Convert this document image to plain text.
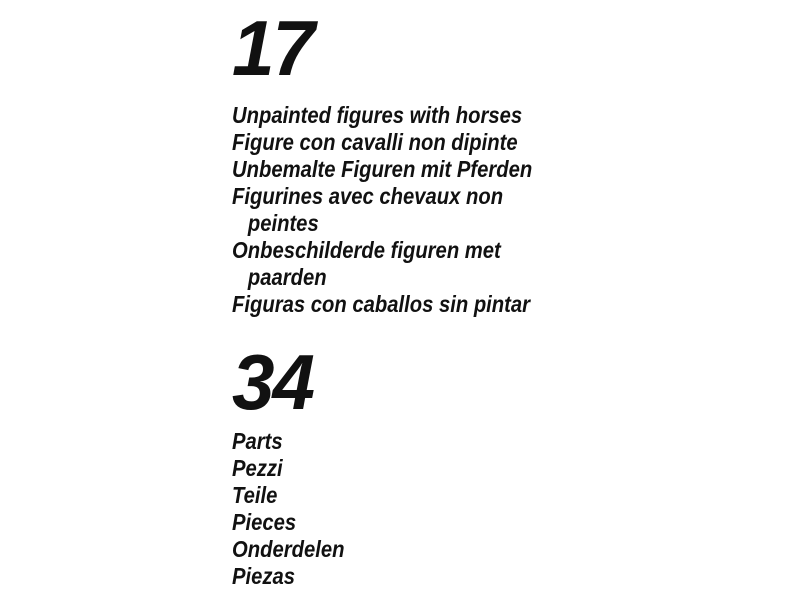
17
Unpainted figures with horses
Figure con cavalli non dipinte
Unbemalte Figuren mit Pferden
Figurines avec chevaux non
peintes
Onbeschilderde figuren met
paarden
Figuras con caballos sin pintar
34
Parts
Pezzi
Teile
Pieces
Onderdelen
Piezas
